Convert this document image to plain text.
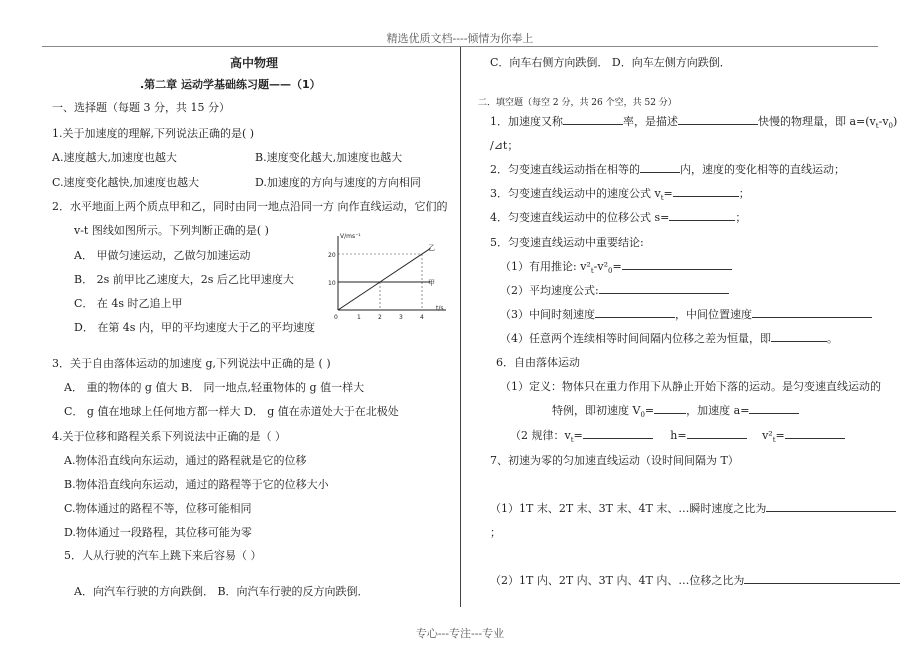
精选优质文档----倾情为你奉上
专心---专注---专业
高中物理
.第二章 运动学基础练习题——（1）
一、选择题（每题 3 分，共 15 分）
1.关于加速度的理解,下列说法正确的是( )
A.速度越大,加速度也越大	B.速度变化越大,加速度也越大
C.速度变化越快,加速度也越大	D.加速度的方向与速度的方向相同
2．水平地面上两个质点甲和乙，同时由同一地点沿同一方 向作直线运动，它们的
v-t 图线如图所示。下列判断正确的是( )
A． 甲做匀速运动，乙做匀加速运动
B． 2s 前甲比乙速度大，2s 后乙比甲速度大
C． 在 4s 时乙追上甲
D． 在第 4s 内，甲的平均速度大于乙的平均速度
V/ms⁻¹
t/s
20
10
0	1	2	3	4
乙
甲
3．关于自由落体运动的加速度 g,下列说法中正确的是 ( )
A． 重的物体的 g 值大 B． 同一地点,轻重物体的 g 值一样大
C． g 值在地球上任何地方都一样大 D． g 值在赤道处大于在北极处
4.关于位移和路程关系下列说法中正确的是（ ）
A.物体沿直线向东运动，通过的路程就是它的位移
B.物体沿直线向东运动，通过的路程等于它的位移大小
C.物体通过的路程不等，位移可能相同
D.物体通过一段路程，其位移可能为零
5．人从行驶的汽车上跳下来后容易（ ）
A．向汽车行驶的方向跌倒． B．向汽车行驶的反方向跌倒．
C．向车右侧方向跌倒． D．向车左侧方向跌倒．
二．填空题（每空 2 分，共 26 个空，共 52 分）
1．加速度又称	率，是描述	快慢的物理量，即 $a=(v_t-v_0)$
/⊿t；
2．匀变速直线运动指在相等的	内，速度的变化相等的直线运动；
3．匀变速直线运动中的速度公式 $v_t=$	；
4．匀变速直线运动中的位移公式 s=	；
5．匀变速直线运动中重要结论:
（1）有用推论: $v^2_t-v^2_0=$
（2）平均速度公式:
（3）中间时刻速度	，中间位置速度
（4）任意两个连续相等时间间隔内位移之差为恒量，即	。
6．自由落体运动
（1）定义：物体只在重力作用下从静止开始下落的运动。是匀变速直线运动的
特例，即初速度 $V_0=$	，加速度 a=
（2 规律：$v_t=$	h=	$v^2_t=$
7、初速为零的匀加速直线运动（设时间间隔为 T）
（1）1T 末、2T 末、3T 末、4T 末、…瞬时速度之比为
；
（2）1T 内、2T 内、3T 内、4T 内、…位移之比为
